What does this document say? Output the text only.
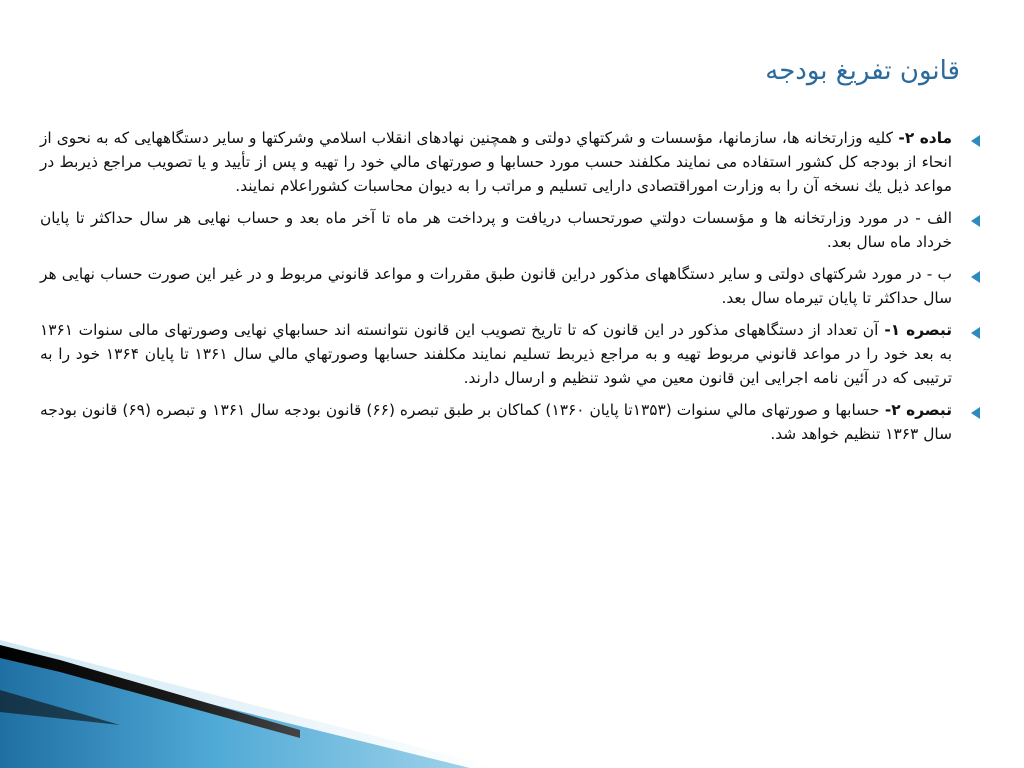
قانون تفریغ بودجه

ماده ۲- کلیه وزارتخانه ها، سازمانها، مؤسسات و شرکتهاي دولتی و همچنین نهادهای انقلاب اسلامي وشرکتها و سایر دستگاههایی که به نحوی از انحاء از بودجه کل کشور استفاده می نمایند مکلفند حسب مورد حسابها و صورتهای مالي خود را تهیه و پس از تأیید و یا تصویب مراجع ذیربط در مواعد ذیل يك نسخه آن را به وزارت اموراقتصادی دارایی تسلیم و مراتب را به دیوان محاسبات کشوراعلام نمایند.

الف - در مورد وزارتخانه ها و مؤسسات دولتي صورتحساب دریافت و پرداخت هر ماه تا آخر ماه بعد و حساب نهایی هر سال حداکثر تا پایان خرداد ماه سال بعد.

ب - در مورد شرکتهای دولتی و سایر دستگاههای مذکور دراین قانون طبق مقررات و مواعد قانوني مربوط و در غیر این صورت حساب نهایی هر سال حداکثر تا پایان تیرماه سال بعد.

تبصره ۱- آن تعداد از دستگاههای مذکور در این قانون که تا تاریخ تصویب این قانون نتوانسته اند حسابهاي نهایی وصورتهای مالی سنوات ۱۳۶۱ به بعد خود را در مواعد قانوني مربوط تهیه و به مراجع ذیربط تسلیم نمایند مکلفند حسابها وصورتهاي مالي سال ۱۳۶۱ تا پایان ۱۳۶۴ خود را به ترتیبی که در آئین نامه اجرایی این قانون معین مي شود تنظیم و ارسال دارند.

تبصره ۲- حسابها و صورتهای مالي سنوات (۱۳۵۳تا پایان ۱۳۶۰) کماکان بر طبق تبصره (۶۶) قانون بودجه سال ۱۳۶۱ و تبصره (۶۹) قانون بودجه سال ۱۳۶۳ تنظیم خواهد شد.
